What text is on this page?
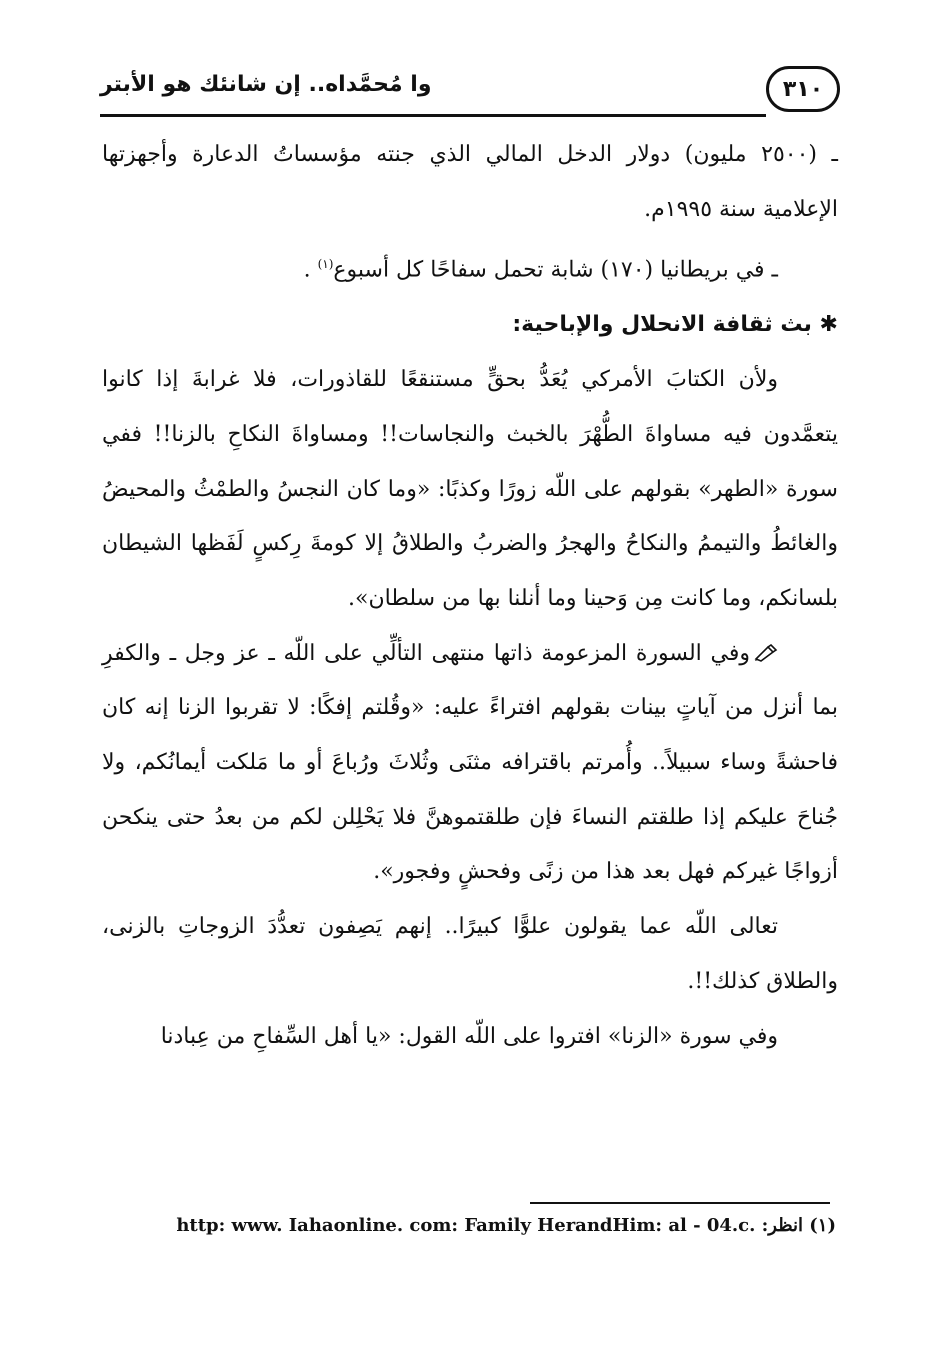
٣١٠
وا مُحمَّداه.. إن شانئك هو الأبتر

ـ (٢٥٠٠ مليون) دولار الدخل المالي الذي جنته مؤسساتُ الدعارة وأجهزتها الإعلامية سنة ١٩٩٥م.

ـ في بريطانيا (١٧٠) شابة تحمل سفاحًا كل أسبوع$^{(١)}$ .

✱ بث ثقافة الانحلال والإباحية:

ولأن الكتابَ الأمركي يُعَدُّ بحقٍّ مستنقعًا للقاذورات، فلا غرابةَ إذا كانوا يتعمَّدون فيه مساواةَ الطُّهْرَ بالخبث والنجاسات!! ومساواةَ النكاحِ بالزنا!! ففي سورة «الطهر» بقولهم على اللّه زورًا وكذبًا: «وما كان النجسُ والطمْثُ والمحيضُ والغائطُ والتيممُ والنكاحُ والهجرُ والضربُ والطلاقُ إلا كومةَ رِكسٍ لَفَظها الشيطان بلسانكم، وما كانت مِن وَحينا وما أنلنا بها من سلطان».

وفي السورة المزعومة ذاتها منتهى التألِّي على اللّه ـ عز وجل ـ والكفرِ بما أنزل من آياتٍ بينات بقولهم افتراءً عليه: «وقُلتم إفكًا: لا تقربوا الزنا إنه كان فاحشةً وساء سبيلاً.. وأُمرتم باقترافه مثنَى وثُلاثَ ورُباعَ أو ما مَلكت أيمانُكم، ولا جُناحَ عليكم إذا طلقتم النساءَ فإن طلقتموهنَّ فلا يَحْلِلن لكم من بعدُ حتى ينكحن أزواجًا غيركم فهل بعد هذا من زنًى وفحشٍ وفجور».

تعالى اللّه عما يقولون علوًّا كبيرًا.. إنهم يَصِفون تعدُّدَ الزوجاتِ بالزنى، والطلاق كذلك!!.

وفي سورة «الزنا» افتروا على اللّه القول: «يا أهل السِّفاحِ من عِبادنا

(١) انظر: http: www. Iahaonline. com: Family HerandHim: al - 04.c.
